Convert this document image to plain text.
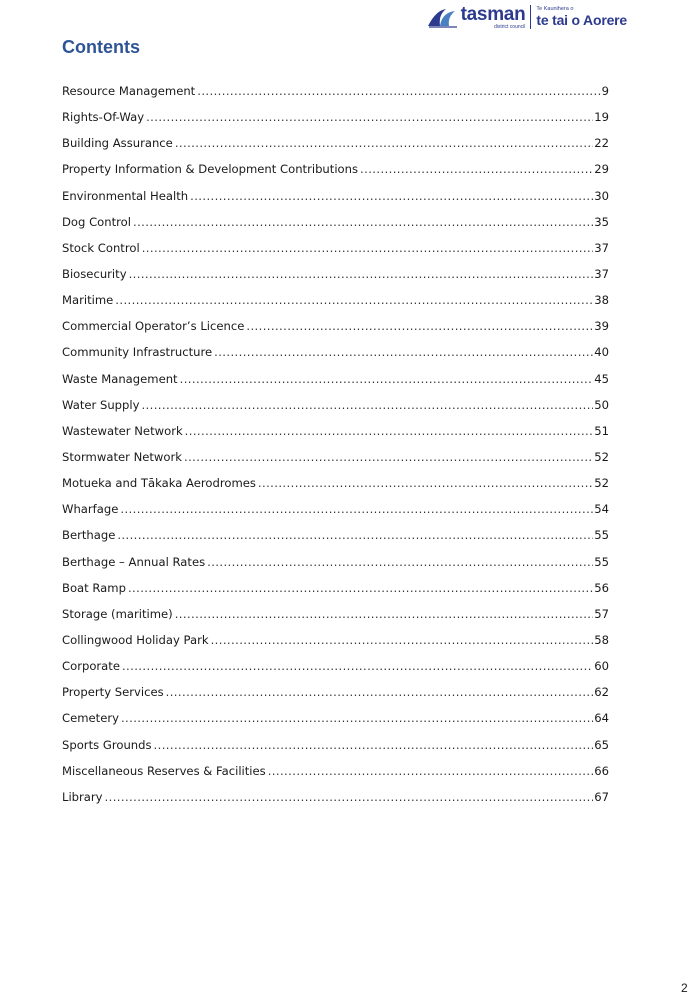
tasman
district council
Te Kaunihera o
te tai o Aorere
Contents
Resource Management .....	9
Rights-Of-Way .....	19
Building Assurance .....	22
Property Information & Development Contributions .....	29
Environmental Health .....	30
Dog Control .....	35
Stock Control .....	37
Biosecurity .....	37
Maritime .....	38
Commercial Operator’s Licence .....	39
Community Infrastructure .....	40
Waste Management .....	45
Water Supply .....	50
Wastewater Network .....	51
Stormwater Network .....	52
Motueka and Tākaka Aerodromes .....	52
Wharfage .....	54
Berthage .....	55
Berthage – Annual Rates .....	55
Boat Ramp .....	56
Storage (maritime) .....	57
Collingwood Holiday Park .....	58
Corporate .....	60
Property Services .....	62
Cemetery .....	64
Sports Grounds .....	65
Miscellaneous Reserves & Facilities .....	66
Library .....	67
2
